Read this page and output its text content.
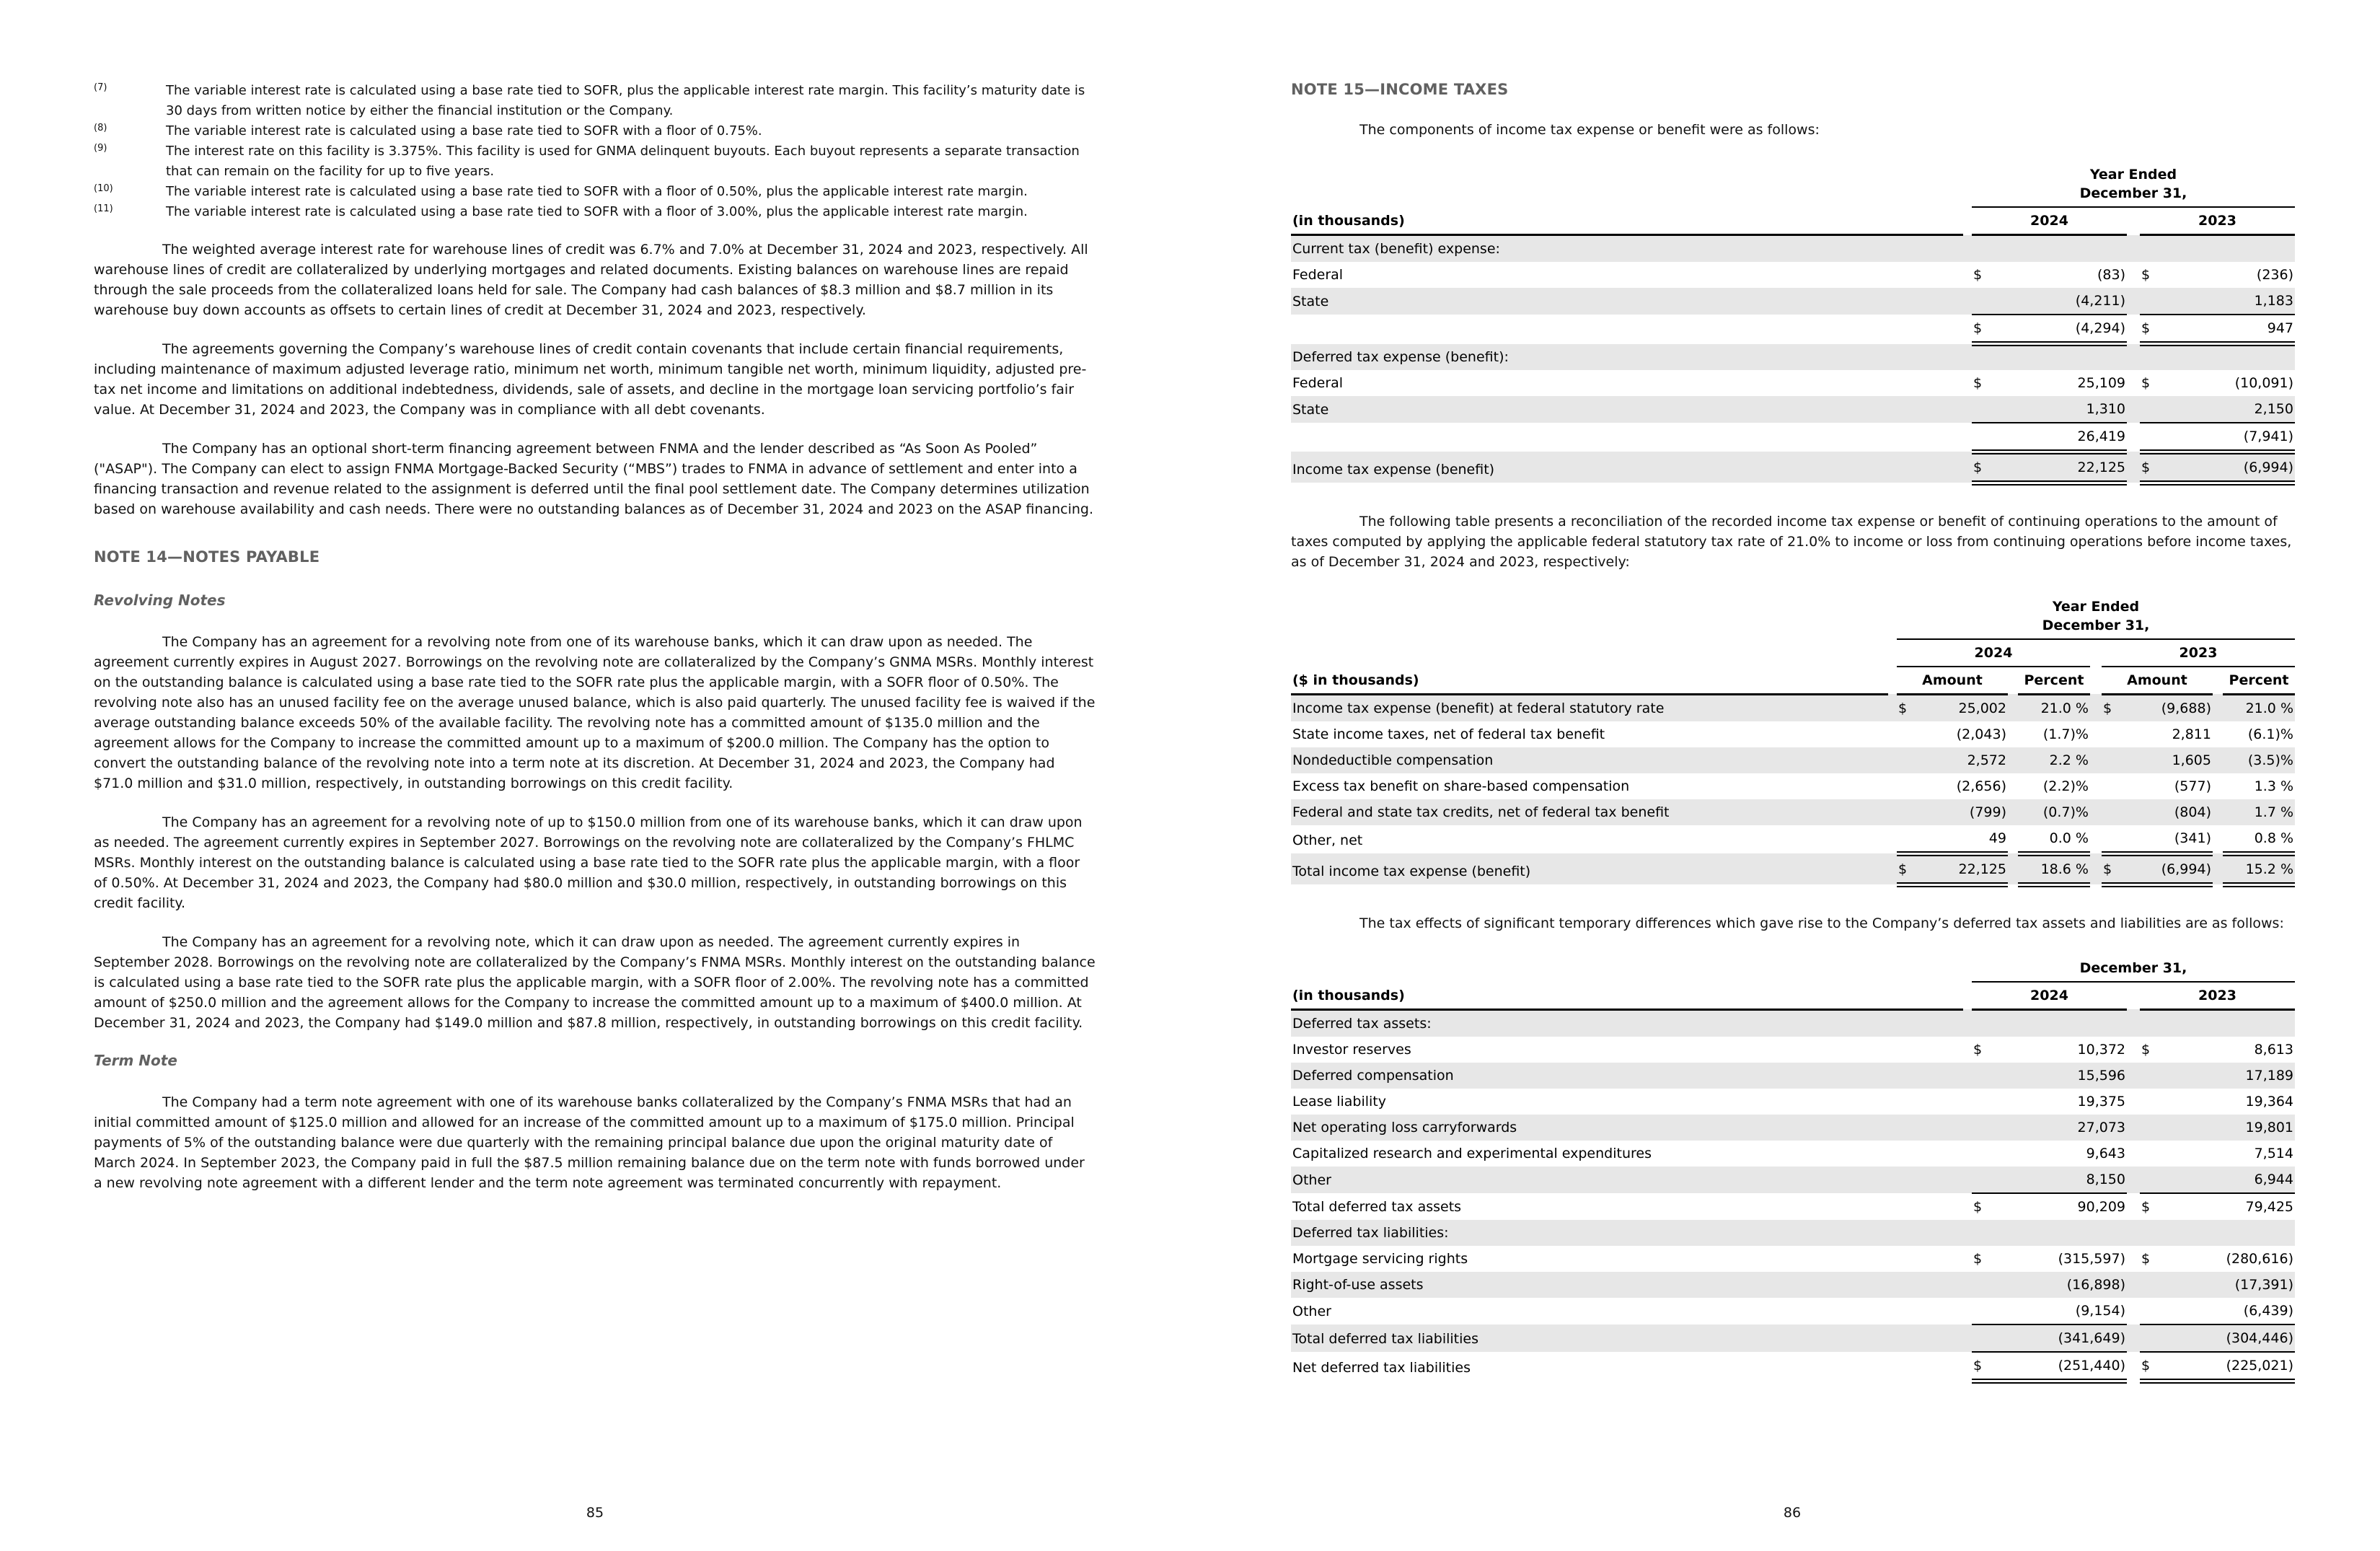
(7)	The variable interest rate is calculated using a base rate tied to SOFR, plus the applicable interest rate margin. This facility’s maturity date is 30 days from written notice by either the financial institution or the Company.
(8)	The variable interest rate is calculated using a base rate tied to SOFR with a floor of 0.75%.
(9)	The interest rate on this facility is 3.375%. This facility is used for GNMA delinquent buyouts. Each buyout represents a separate transaction that can remain on the facility for up to five years.
(10)	The variable interest rate is calculated using a base rate tied to SOFR with a floor of 0.50%, plus the applicable interest rate margin.
(11)	The variable interest rate is calculated using a base rate tied to SOFR with a floor of 3.00%, plus the applicable interest rate margin.

The weighted average interest rate for warehouse lines of credit was 6.7% and 7.0% at December 31, 2024 and 2023, respectively. All warehouse lines of credit are collateralized by underlying mortgages and related documents. Existing balances on warehouse lines are repaid through the sale proceeds from the collateralized loans held for sale. The Company had cash balances of $8.3 million and $8.7 million in its warehouse buy down accounts as offsets to certain lines of credit at December 31, 2024 and 2023, respectively.

The agreements governing the Company’s warehouse lines of credit contain covenants that include certain financial requirements, including maintenance of maximum adjusted leverage ratio, minimum net worth, minimum tangible net worth, minimum liquidity, adjusted pre-tax net income and limitations on additional indebtedness, dividends, sale of assets, and decline in the mortgage loan servicing portfolio’s fair value. At December 31, 2024 and 2023, the Company was in compliance with all debt covenants.

The Company has an optional short-term financing agreement between FNMA and the lender described as “As Soon As Pooled” ("ASAP"). The Company can elect to assign FNMA Mortgage-Backed Security (“MBS”) trades to FNMA in advance of settlement and enter into a financing transaction and revenue related to the assignment is deferred until the final pool settlement date. The Company determines utilization based on warehouse availability and cash needs. There were no outstanding balances as of December 31, 2024 and 2023 on the ASAP financing.

NOTE 14—NOTES PAYABLE
Revolving Notes

The Company has an agreement for a revolving note from one of its warehouse banks, which it can draw upon as needed. The agreement currently expires in August 2027. Borrowings on the revolving note are collateralized by the Company’s GNMA MSRs. Monthly interest on the outstanding balance is calculated using a base rate tied to the SOFR rate plus the applicable margin, with a SOFR floor of 0.50%. The revolving note also has an unused facility fee on the average unused balance, which is also paid quarterly. The unused facility fee is waived if the average outstanding balance exceeds 50% of the available facility. The revolving note has a committed amount of $135.0 million and the agreement allows for the Company to increase the committed amount up to a maximum of $200.0 million. The Company has the option to convert the outstanding balance of the revolving note into a term note at its discretion. At December 31, 2024 and 2023, the Company had $71.0 million and $31.0 million, respectively, in outstanding borrowings on this credit facility.

The Company has an agreement for a revolving note of up to $150.0 million from one of its warehouse banks, which it can draw upon as needed. The agreement currently expires in September 2027. Borrowings on the revolving note are collateralized by the Company’s FHLMC MSRs. Monthly interest on the outstanding balance is calculated using a base rate tied to the SOFR rate plus the applicable margin, with a floor of 0.50%. At December 31, 2024 and 2023, the Company had $80.0 million and $30.0 million, respectively, in outstanding borrowings on this credit facility.

The Company has an agreement for a revolving note, which it can draw upon as needed. The agreement currently expires in September 2028. Borrowings on the revolving note are collateralized by the Company’s FNMA MSRs. Monthly interest on the outstanding balance is calculated using a base rate tied to the SOFR rate plus the applicable margin, with a SOFR floor of 2.00%. The revolving note has a committed amount of $250.0 million and the agreement allows for the Company to increase the committed amount up to a maximum of $400.0 million. At December 31, 2024 and 2023, the Company had $149.0 million and $87.8 million, respectively, in outstanding borrowings on this credit facility.

Term Note

The Company had a term note agreement with one of its warehouse banks collateralized by the Company’s FNMA MSRs that had an initial committed amount of $125.0 million and allowed for an increase of the committed amount up to a maximum of $175.0 million. Principal payments of 5% of the outstanding balance were due quarterly with the remaining principal balance due upon the original maturity date of March 2024. In September 2023, the Company paid in full the $87.5 million remaining balance due on the term note with funds borrowed under a new revolving note agreement with a different lender and the term note agreement was terminated concurrently with repayment.

NOTE 15—INCOME TAXES

The components of income tax expense or benefit were as follows:

		Year Ended
December 31,				
(in thousands)		2024			2023	
Current tax (benefit) expense:						
Federal		$	(83)		$	(236)
State			(4,211)			1,183
		$	(4,294)		$	947
Deferred tax expense (benefit):						
Federal		$	25,109		$	(10,091)
State			1,310			2,150
			26,419			(7,941)
Income tax expense (benefit)		$	22,125		$	(6,994)

The following table presents a reconciliation of the recorded income tax expense or benefit of continuing operations to the amount of taxes computed by applying the applicable federal statutory tax rate of 21.0% to income or loss from continuing operations before income taxes, as of December 31, 2024 and 2023, respectively:

		Year Ended
December 31,								
		2024					2023			
($ in thousands)		Amount			Percent		Amount			Percent
Income tax expense (benefit) at federal statutory rate		$	25,002		21.0 %		$	(9,688)		21.0 %
State income taxes, net of federal tax benefit			(2,043)		(1.7)%			2,811		(6.1)%
Nondeductible compensation			2,572		2.2 %			1,605		(3.5)%
Excess tax benefit on share-based compensation			(2,656)		(2.2)%			(577)		1.3 %
Federal and state tax credits, net of federal tax benefit			(799)		(0.7)%			(804)		1.7 %
Other, net			49		0.0 %			(341)		0.8 %
Total income tax expense (benefit)		$	22,125		18.6 %		$	(6,994)		15.2 %

The tax effects of significant temporary differences which gave rise to the Company’s deferred tax assets and liabilities are as follows:

		December 31,				
(in thousands)		2024			2023	
Deferred tax assets:						
Investor reserves		$	10,372		$	8,613
Deferred compensation			15,596			17,189
Lease liability			19,375			19,364
Net operating loss carryforwards			27,073			19,801
Capitalized research and experimental expenditures			9,643			7,514
Other			8,150			6,944
Total deferred tax assets		$	90,209		$	79,425
Deferred tax liabilities:						
Mortgage servicing rights		$	(315,597)		$	(280,616)
Right-of-use assets			(16,898)			(17,391)
Other			(9,154)			(6,439)
Total deferred tax liabilities			(341,649)			(304,446)
Net deferred tax liabilities		$	(251,440)		$	(225,021)
85	86
